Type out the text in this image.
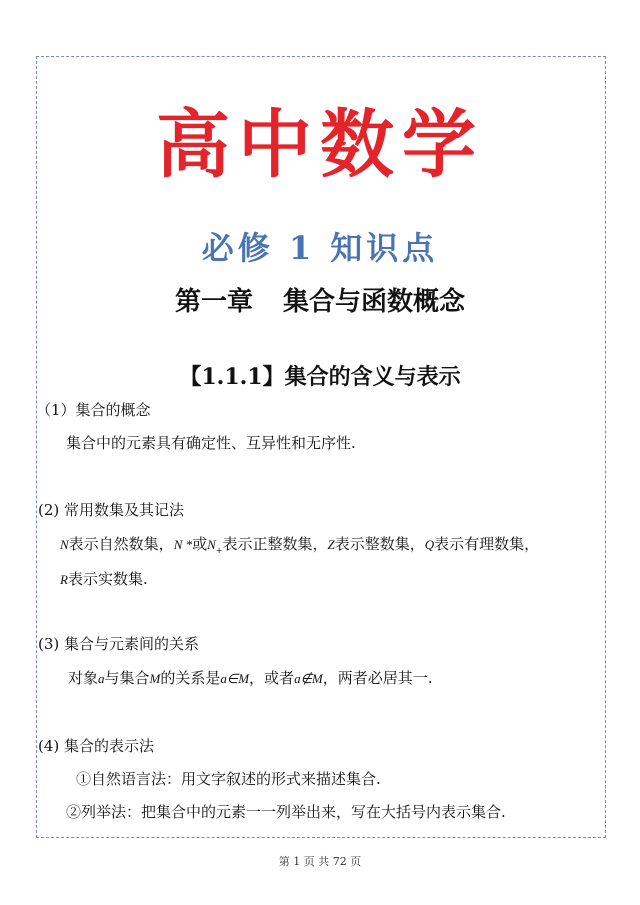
高中数学
必修 1 知识点
第一章 集合与函数概念
【1.1.1】集合的含义与表示
（1）集合的概念
集合中的元素具有确定性、互异性和无序性.
(2) 常用数集及其记法
N表示自然数集，N *或$N_+$表示正整数集，Z表示整数集，Q表示有理数集，
R表示实数集.
(3) 集合与元素间的关系
对象a与集合M的关系是a∈M，或者a∉M，两者必居其一.
(4) 集合的表示法
①自然语言法：用文字叙述的形式来描述集合.
②列举法：把集合中的元素一一列举出来，写在大括号内表示集合.
第 1 页 共 72 页
